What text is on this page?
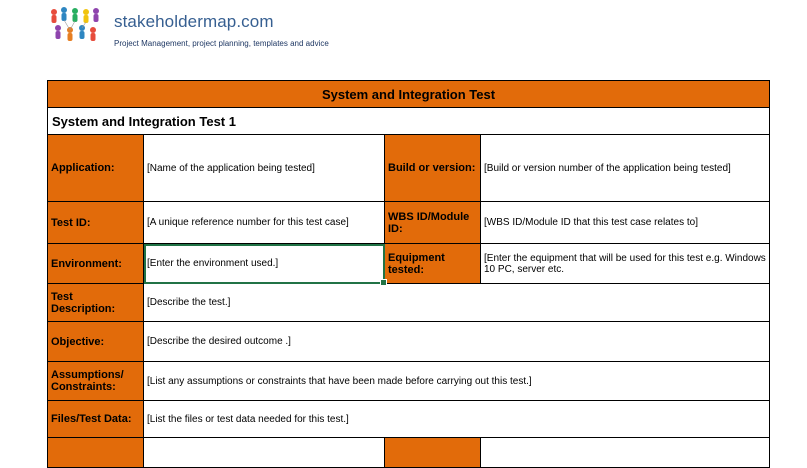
stakeholdermap.com
Project Management, project planning, templates and advice
System and Integration Test			
System and Integration Test 1			
Application:	[Name of the application being tested]	Build or version:	[Build or version number of the application being tested]
Test ID:	[A unique reference number for this test case]	WBS ID/Module ID:	[WBS ID/Module ID that this test case relates to]
Environment:	[Enter the environment used.]	Equipment tested:	[Enter the equipment that will be used for this test e.g. Windows 10 PC, server etc.
Test Description:	[Describe the test.]		
Objective:	[Describe the desired outcome .]		
Assumptions/ Constraints:	[List any assumptions or constraints that have been made before carrying out this test.]		
Files/Test Data:	[List the files or test data needed for this test.]		
